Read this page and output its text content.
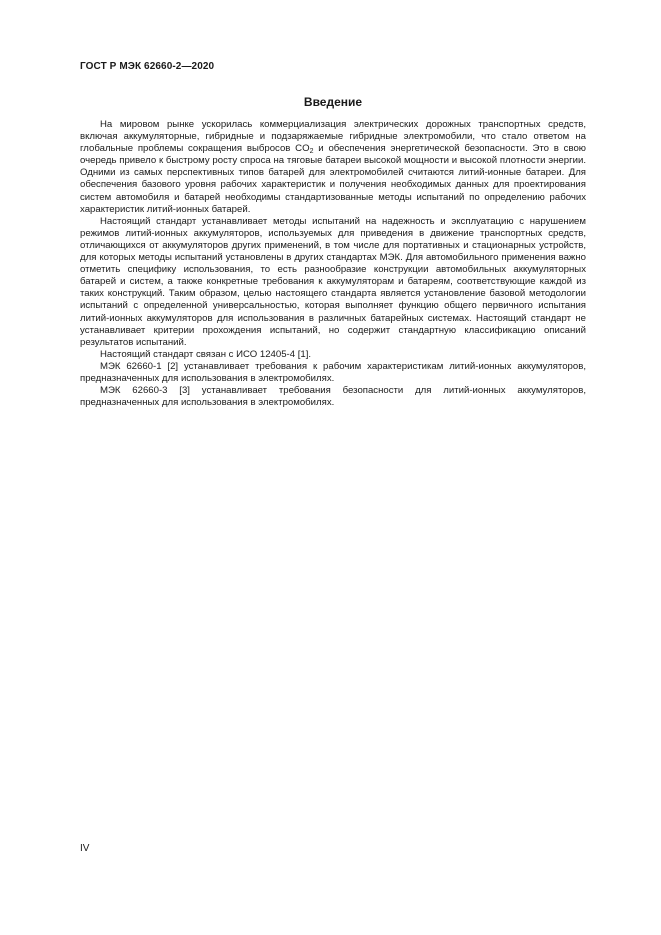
ГОСТ Р МЭК 62660-2—2020
Введение

На мировом рынке ускорилась коммерциализация электрических дорожных транспортных средств, включая аккумуляторные, гибридные и подзаряжаемые гибридные электромобили, что стало ответом на глобальные проблемы сокращения выбросов $CO_2$ и обеспечения энергетической безопасности. Это в свою очередь привело к быстрому росту спроса на тяговые батареи высокой мощности и высокой плотности энергии. Одними из самых перспективных типов батарей для электромобилей считаются литий-ионные батареи. Для обеспечения базового уровня рабочих характеристик и получения необходимых данных для проектирования систем автомобиля и батарей необходимы стандартизованные методы испытаний по определению рабочих характеристик литий-ионных батарей.

Настоящий стандарт устанавливает методы испытаний на надежность и эксплуатацию с нарушением режимов литий-ионных аккумуляторов, используемых для приведения в движение транспортных средств, отличающихся от аккумуляторов других применений, в том числе для портативных и стационарных устройств, для которых методы испытаний установлены в других стандартах МЭК. Для автомобильного применения важно отметить специфику использования, то есть разнообразие конструкции автомобильных аккумуляторных батарей и систем, а также конкретные требования к аккумуляторам и батареям, соответствующие каждой из таких конструкций. Таким образом, целью настоящего стандарта является установление базовой методологии испытаний с определенной универсальностью, которая выполняет функцию общего первичного испытания литий-ионных аккумуляторов для использования в различных батарейных системах. Настоящий стандарт не устанавливает критерии прохождения испытаний, но содержит стандартную классификацию описаний результатов испытаний.

Настоящий стандарт связан с ИСО 12405-4 [1].

МЭК 62660-1 [2] устанавливает требования к рабочим характеристикам литий-ионных аккумуляторов, предназначенных для использования в электромобилях.

МЭК 62660-3 [3] устанавливает требования безопасности для литий-ионных аккумуляторов, предназначенных для использования в электромобилях.

IV
